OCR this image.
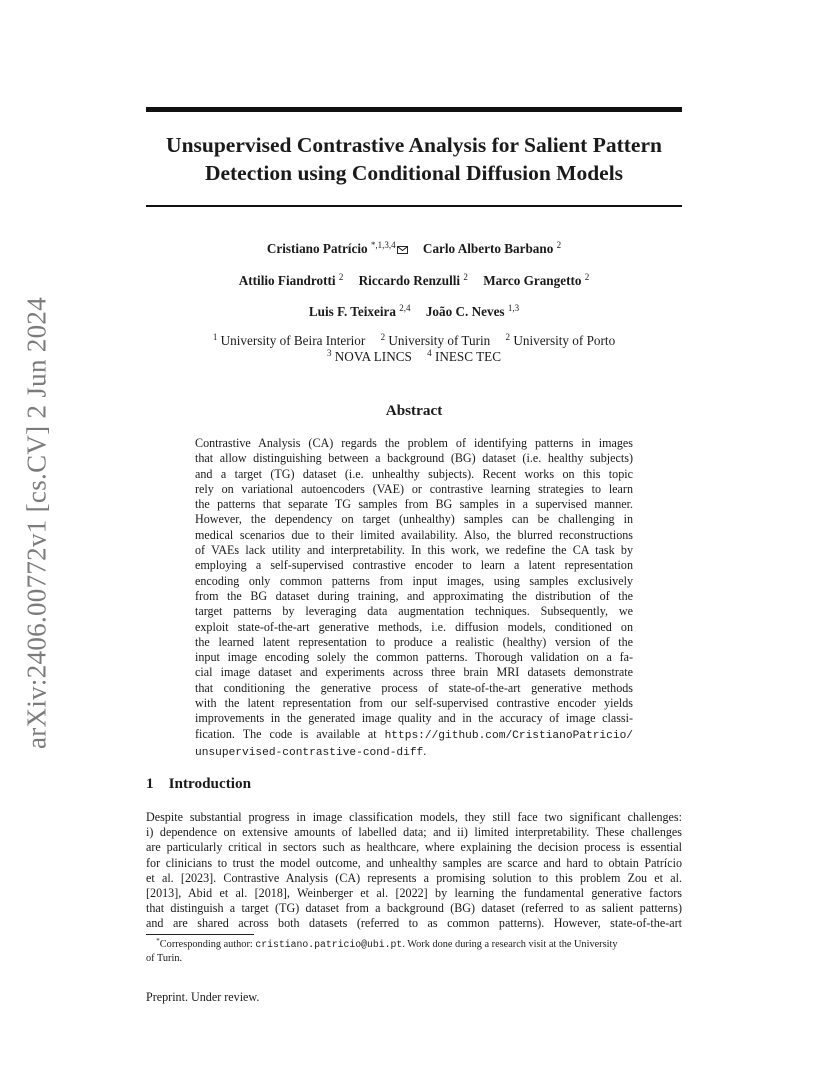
arXiv:2406.00772v1 [cs.CV] 2 Jun 2024
Unsupervised Contrastive Analysis for Salient Pattern
Detection using Conditional Diffusion Models
Cristiano Patrício $^{*,1,3,4}$ Carlo Alberto Barbano $^2$
Attilio Fiandrotti $^2$ Riccardo Renzulli $^2$ Marco Grangetto $^2$
Luis F. Teixeira $^{2,4}$ João C. Neves $^{1,3}$
$^1$ University of Beira Interior $^2$ University of Turin $^2$ University of Porto
$^3$ NOVA LINCS $^4$ INESC TEC
Abstract
Contrastive Analysis (CA) regards the problem of identifying patterns in images
that allow distinguishing between a background (BG) dataset (i.e. healthy subjects)
and a target (TG) dataset (i.e. unhealthy subjects). Recent works on this topic
rely on variational autoencoders (VAE) or contrastive learning strategies to learn
the patterns that separate TG samples from BG samples in a supervised manner.
However, the dependency on target (unhealthy) samples can be challenging in
medical scenarios due to their limited availability. Also, the blurred reconstructions
of VAEs lack utility and interpretability. In this work, we redefine the CA task by
employing a self-supervised contrastive encoder to learn a latent representation
encoding only common patterns from input images, using samples exclusively
from the BG dataset during training, and approximating the distribution of the
target patterns by leveraging data augmentation techniques. Subsequently, we
exploit state-of-the-art generative methods, i.e. diffusion models, conditioned on
the learned latent representation to produce a realistic (healthy) version of the
input image encoding solely the common patterns. Thorough validation on a fa-
cial image dataset and experiments across three brain MRI datasets demonstrate
that conditioning the generative process of state-of-the-art generative methods
with the latent representation from our self-supervised contrastive encoder yields
improvements in the generated image quality and in the accuracy of image classi-
fication. The code is available at https://github.com/CristianoPatricio/
unsupervised-contrastive-cond-diff.
1 Introduction
Despite substantial progress in image classification models, they still face two significant challenges:
i) dependence on extensive amounts of labelled data; and ii) limited interpretability. These challenges
are particularly critical in sectors such as healthcare, where explaining the decision process is essential
for clinicians to trust the model outcome, and unhealthy samples are scarce and hard to obtain Patrício
et al. [2023]. Contrastive Analysis (CA) represents a promising solution to this problem Zou et al.
[2013], Abid et al. [2018], Weinberger et al. [2022] by learning the fundamental generative factors
that distinguish a target (TG) dataset from a background (BG) dataset (referred to as salient patterns)
and are shared across both datasets (referred to as common patterns). However, state-of-the-art
 *Corresponding author: cristiano.patricio@ubi.pt. Work done during a research visit at the University
of Turin.
Preprint. Under review.
